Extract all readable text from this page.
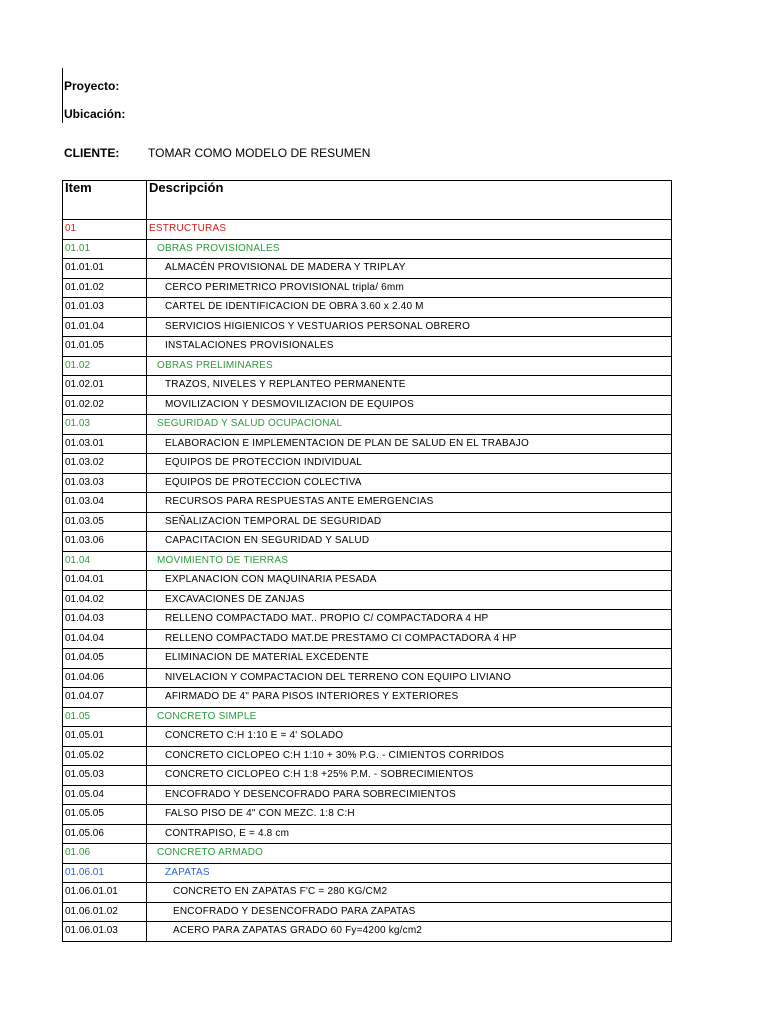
Proyecto:
Ubicación:
CLIENTE: TOMAR COMO MODELO DE RESUMEN
Item	Descripción
01	ESTRUCTURAS
01.01	OBRAS PROVISIONALES
01.01.01	ALMACÉN PROVISIONAL DE MADERA Y TRIPLAY
01.01.02	CERCO PERIMETRICO PROVISIONAL tripla/ 6mm
01.01.03	CARTEL DE IDENTIFICACION DE OBRA 3.60 x 2.40 M
01.01.04	SERVICIOS HIGIENICOS Y VESTUARIOS PERSONAL OBRERO
01.01.05	INSTALACIONES PROVISIONALES
01.02	OBRAS PRELIMINARES
01.02.01	TRAZOS, NIVELES Y REPLANTEO PERMANENTE
01.02.02	MOVILIZACION Y DESMOVILIZACION DE EQUIPOS
01.03	SEGURIDAD Y SALUD OCUPACIONAL
01.03.01	ELABORACION E IMPLEMENTACION DE PLAN DE SALUD EN EL TRABAJO
01.03.02	EQUIPOS DE PROTECCION INDIVIDUAL
01.03.03	EQUIPOS DE PROTECCION COLECTIVA
01.03.04	RECURSOS PARA RESPUESTAS ANTE EMERGENCIAS
01.03.05	SEÑALIZACION TEMPORAL DE SEGURIDAD
01.03.06	CAPACITACION EN SEGURIDAD Y SALUD
01.04	MOVIMIENTO DE TIERRAS
01.04.01	EXPLANACION CON MAQUINARIA PESADA
01.04.02	EXCAVACIONES DE ZANJAS
01.04.03	RELLENO COMPACTADO MAT.. PROPIO C/ COMPACTADORA 4 HP
01.04.04	RELLENO COMPACTADO MAT.DE PRESTAMO CI COMPACTADORA 4 HP
01.04.05	ELIMINACION DE MATERIAL EXCEDENTE
01.04.06	NIVELACION Y COMPACTACION DEL TERRENO CON EQUIPO LIVIANO
01.04.07	AFIRMADO DE 4" PARA PISOS INTERIORES Y EXTERIORES
01.05	CONCRETO SIMPLE
01.05.01	CONCRETO C:H 1:10 E = 4' SOLADO
01.05.02	CONCRETO CICLOPEO C:H 1:10 + 30% P.G. - CIMIENTOS CORRIDOS
01.05.03	CONCRETO CICLOPEO C:H 1:8 +25% P.M. - SOBRECIMIENTOS
01.05.04	ENCOFRADO Y DESENCOFRADO PARA SOBRECIMIENTOS
01.05.05	FALSO PISO DE 4" CON MEZC. 1:8 C:H
01.05.06	CONTRAPISO, E = 4.8 cm
01.06	CONCRETO ARMADO
01.06.01	ZAPATAS
01.06.01.01	CONCRETO EN ZAPATAS F'C = 280 KG/CM2
01.06.01.02	ENCOFRADO Y DESENCOFRADO PARA ZAPATAS
01.06.01.03	ACERO PARA ZAPATAS GRADO 60 Fy=4200 kg/cm2
